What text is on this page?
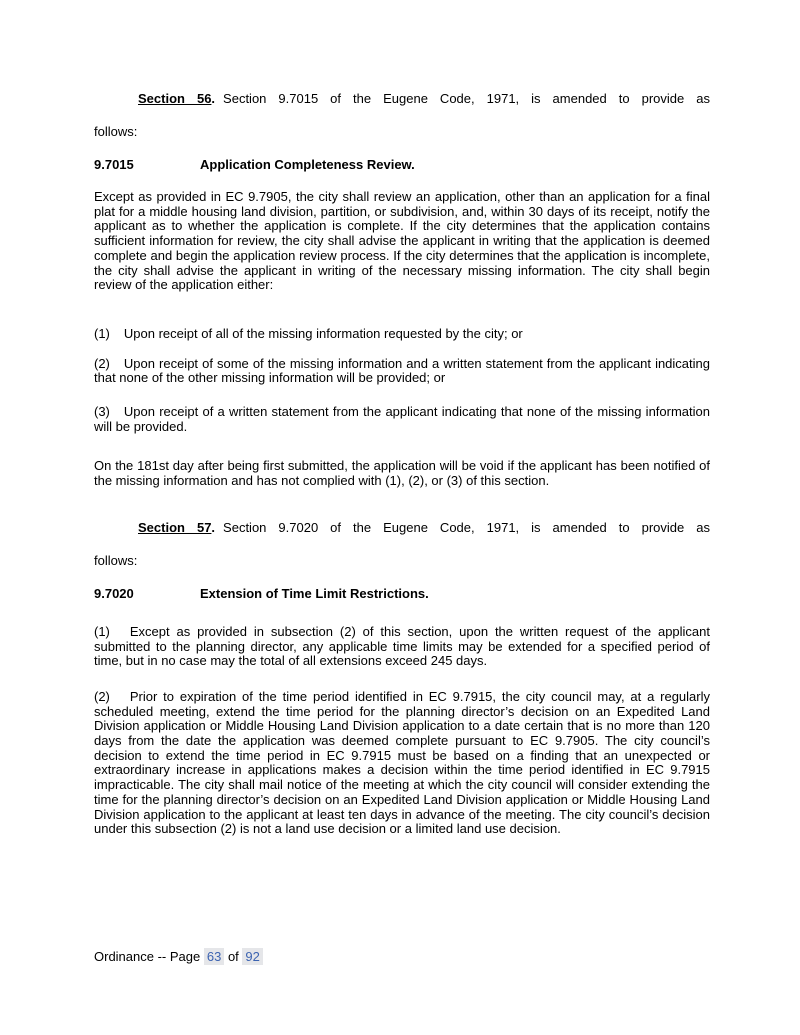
Section 56. Section 9.7015 of the Eugene Code, 1971, is amended to provide as
follows:
9.7015	Application Completeness Review.

Except as provided in EC 9.7905, the city shall review an application, other than an application for a final plat for a middle housing land division, partition, or subdivision, and, within 30 days of its receipt, notify the applicant as to whether the application is complete. If the city determines that the application contains sufficient information for review, the city shall advise the applicant in writing that the application is deemed complete and begin the application review process. If the city determines that the application is incomplete, the city shall advise the applicant in writing of the necessary missing information. The city shall begin review of the application either:

(1) Upon receipt of all of the missing information requested by the city; or

(2) Upon receipt of some of the missing information and a written statement from the applicant indicating that none of the other missing information will be provided; or

(3) Upon receipt of a written statement from the applicant indicating that none of the missing information will be provided.

On the 181st day after being first submitted, the application will be void if the applicant has been notified of the missing information and has not complied with (1), (2), or (3) of this section.

Section 57. Section 9.7020 of the Eugene Code, 1971, is amended to provide as
follows:
9.7020	Extension of Time Limit Restrictions.

(1) Except as provided in subsection (2) of this section, upon the written request of the applicant submitted to the planning director, any applicable time limits may be extended for a specified period of time, but in no case may the total of all extensions exceed 245 days.

(2) Prior to expiration of the time period identified in EC 9.7915, the city council may, at a regularly scheduled meeting, extend the time period for the planning director’s decision on an Expedited Land Division application or Middle Housing Land Division application to a date certain that is no more than 120 days from the date the application was deemed complete pursuant to EC 9.7905. The city council’s decision to extend the time period in EC 9.7915 must be based on a finding that an unexpected or extraordinary increase in applications makes a decision within the time period identified in EC 9.7915 impracticable. The city shall mail notice of the meeting at which the city council will consider extending the time for the planning director’s decision on an Expedited Land Division application or Middle Housing Land Division application to the applicant at least ten days in advance of the meeting. The city council’s decision under this subsection (2) is not a land use decision or a limited land use decision.

Ordinance -- Page 63 of 92
